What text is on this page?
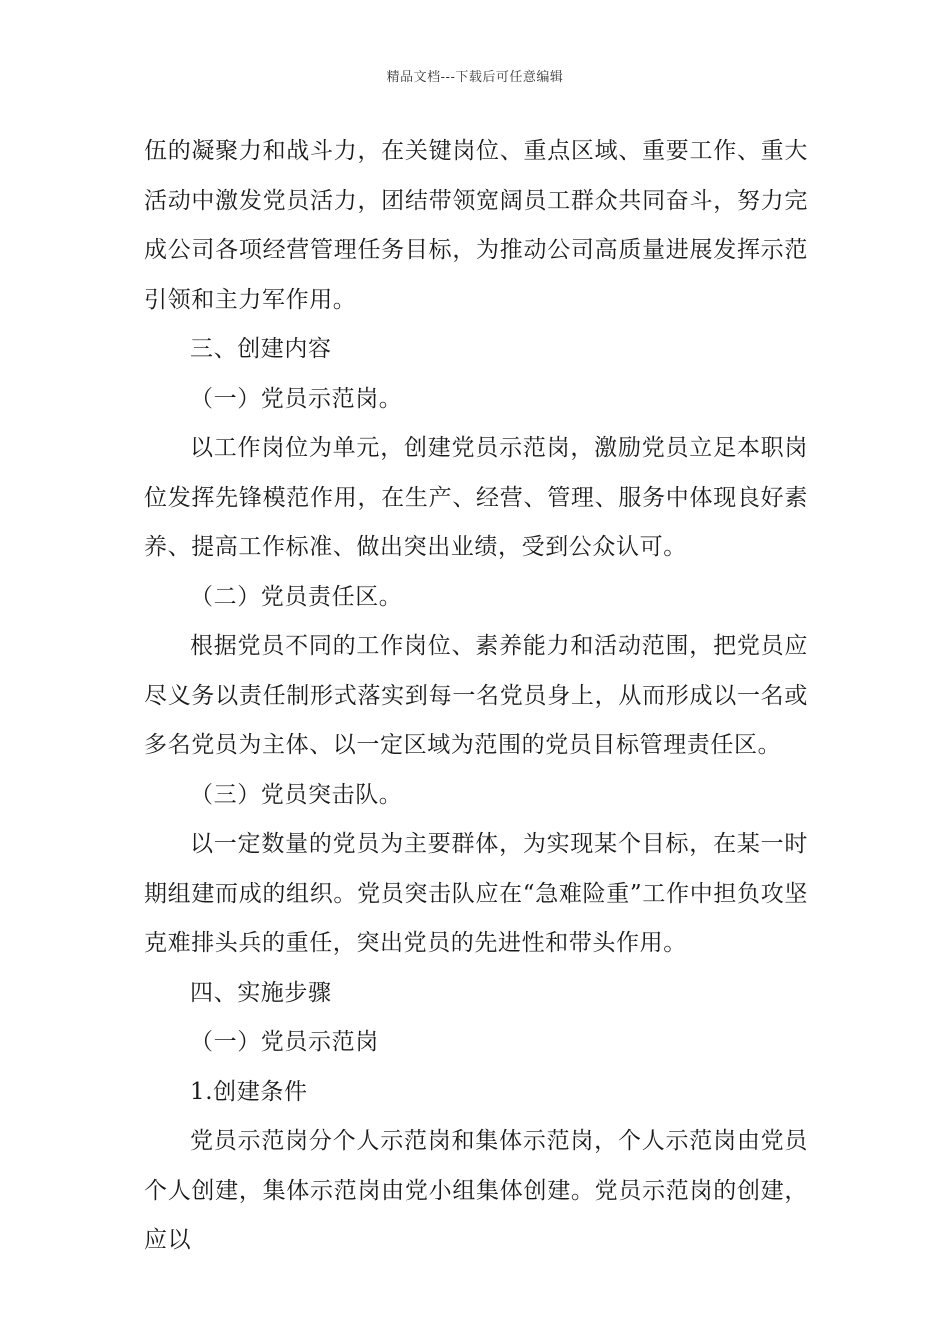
精品文档---下载后可任意编辑

伍的凝聚力和战斗力，在关键岗位、重点区域、重要工作、重大活动中激发党员活力，团结带领宽阔员工群众共同奋斗，努力完成公司各项经营管理任务目标，为推动公司高质量进展发挥示范引领和主力军作用。

三、创建内容

（一）党员示范岗。

以工作岗位为单元，创建党员示范岗，激励党员立足本职岗位发挥先锋模范作用，在生产、经营、管理、服务中体现良好素养、提高工作标准、做出突出业绩，受到公众认可。

（二）党员责任区。

根据党员不同的工作岗位、素养能力和活动范围，把党员应尽义务以责任制形式落实到每一名党员身上，从而形成以一名或多名党员为主体、以一定区域为范围的党员目标管理责任区。

（三）党员突击队。

以一定数量的党员为主要群体，为实现某个目标，在某一时期组建而成的组织。党员突击队应在“急难险重”工作中担负攻坚克难排头兵的重任，突出党员的先进性和带头作用。

四、实施步骤

（一）党员示范岗

1.创建条件

党员示范岗分个人示范岗和集体示范岗，个人示范岗由党员个人创建，集体示范岗由党小组集体创建。党员示范岗的创建，应以
